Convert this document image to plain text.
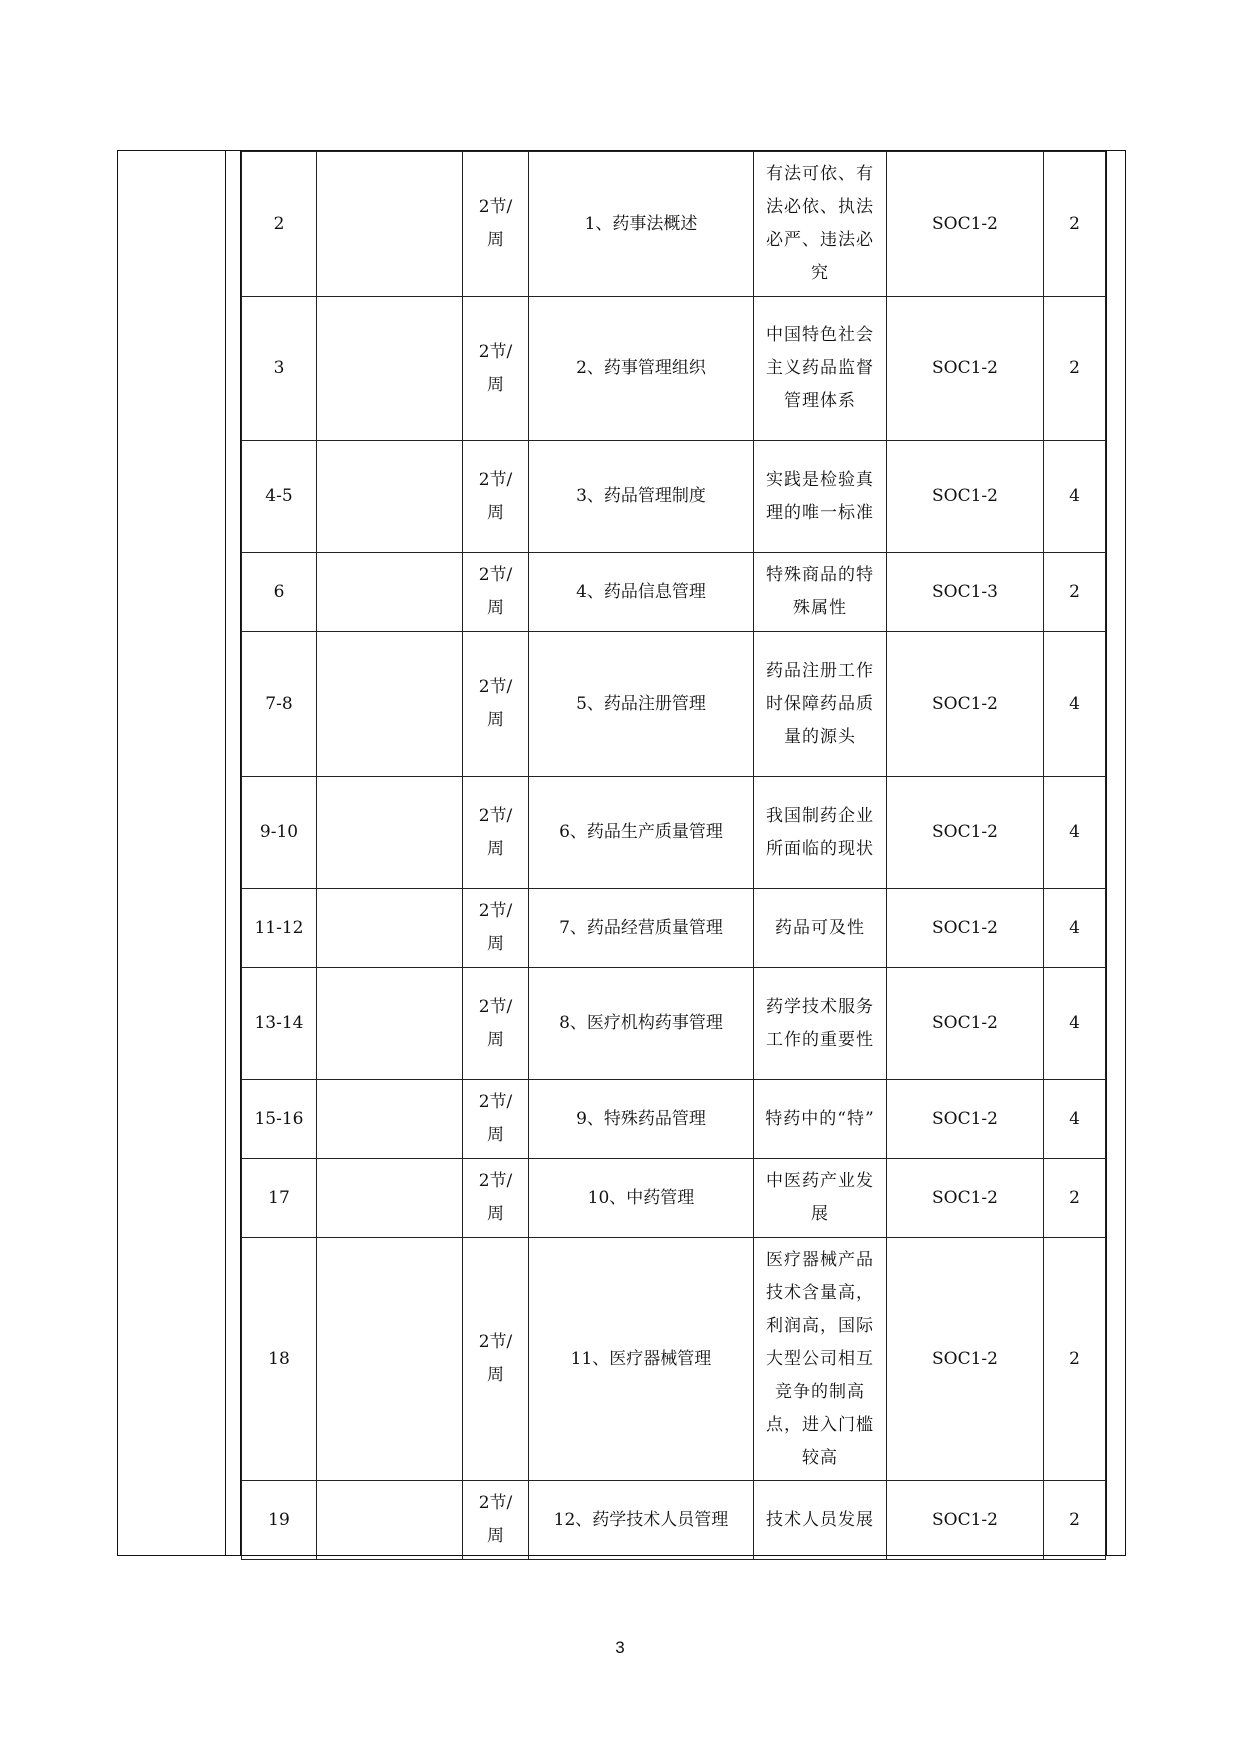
2		2节/周	1、药事法概述	有法可依、有法必依、执法必严、违法必究	SOC1-2	2
3		2节/周	2、药事管理组织	中国特色社会主义药品监督管理体系	SOC1-2	2
4-5		2节/周	3、药品管理制度	实践是检验真理的唯一标准	SOC1-2	4
6		2节/周	4、药品信息管理	特殊商品的特殊属性	SOC1-3	2
7-8		2节/周	5、药品注册管理	药品注册工作时保障药品质量的源头	SOC1-2	4
9-10		2节/周	6、药品生产质量管理	我国制药企业所面临的现状	SOC1-2	4
11-12		2节/周	7、药品经营质量管理	药品可及性	SOC1-2	4
13-14		2节/周	8、医疗机构药事管理	药学技术服务工作的重要性	SOC1-2	4
15-16		2节/周	9、特殊药品管理	特药中的“特”	SOC1-2	4
17		2节/周	10、中药管理	中医药产业发展	SOC1-2	2
18		2节/周	11、医疗器械管理	医疗器械产品技术含量高，利润高，国际大型公司相互竞争的制高点，进入门槛较高	SOC1-2	2
19		2节/周	12、药学技术人员管理	技术人员发展	SOC1-2	2
3
